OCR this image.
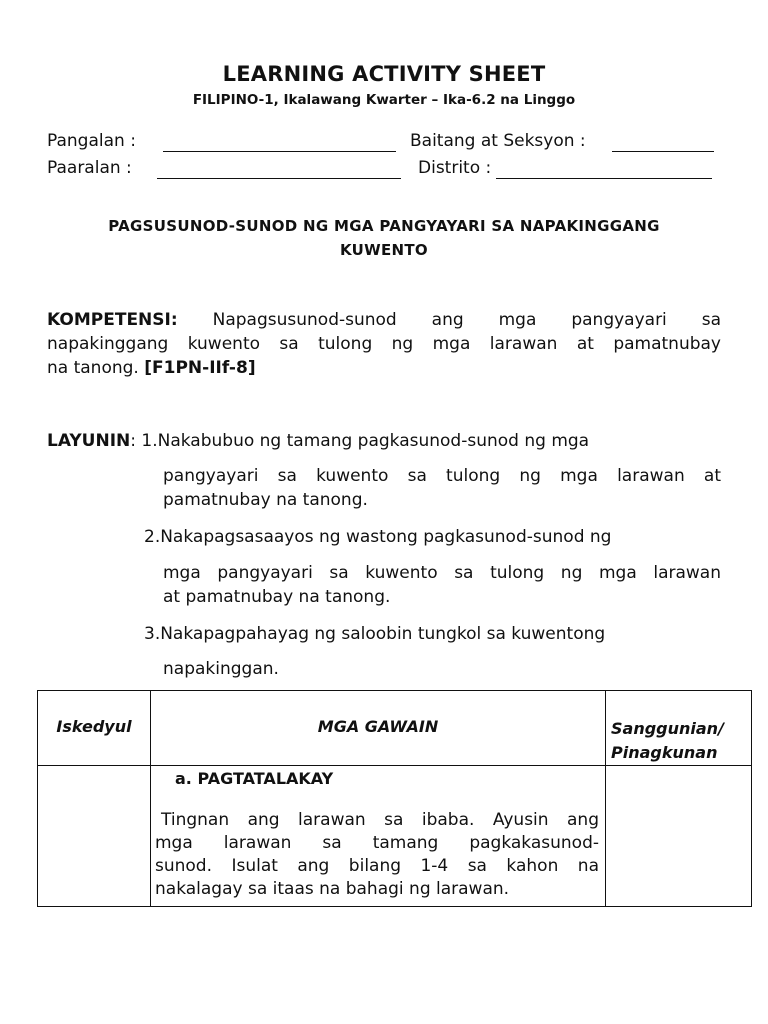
LEARNING ACTIVITY SHEET
FILIPINO-1, Ikalawang Kwarter – Ika-6.2 na Linggo
Pangalan :	Baitang at Seksyon :
Paaralan :	Distrito :
PAGSUSUNOD-SUNOD NG MGA PANGYAYARI SA NAPAKINGGANG
KUWENTO
KOMPETENSI: Napagsusunod-sunod ang mga pangyayari sa
napakinggang kuwento sa tulong ng mga larawan at pamatnubay
na tanong. [F1PN-IIf-8]
LAYUNIN: 1.Nakabubuo ng tamang pagkasunod-sunod ng mga
pangyayari sa kuwento sa tulong ng mga larawan at
pamatnubay na tanong.
2.Nakapagsasaayos ng wastong pagkasunod-sunod ng
mga pangyayari sa kuwento sa tulong ng mga larawan
at pamatnubay na tanong.
3.Nakapagpahayag ng saloobin tungkol sa kuwentong
napakinggan.
Iskedyul	MGA GAWAIN	Sanggunian/
Pinagkunan

	a. PAGTATALAKAY
Tingnan ang larawan sa ibaba. Ayusin ang
mga larawan sa tamang pagkakasunod-
sunod. Isulat ang bilang 1-4 sa kahon na
nakalagay sa itaas na bahagi ng larawan.	
